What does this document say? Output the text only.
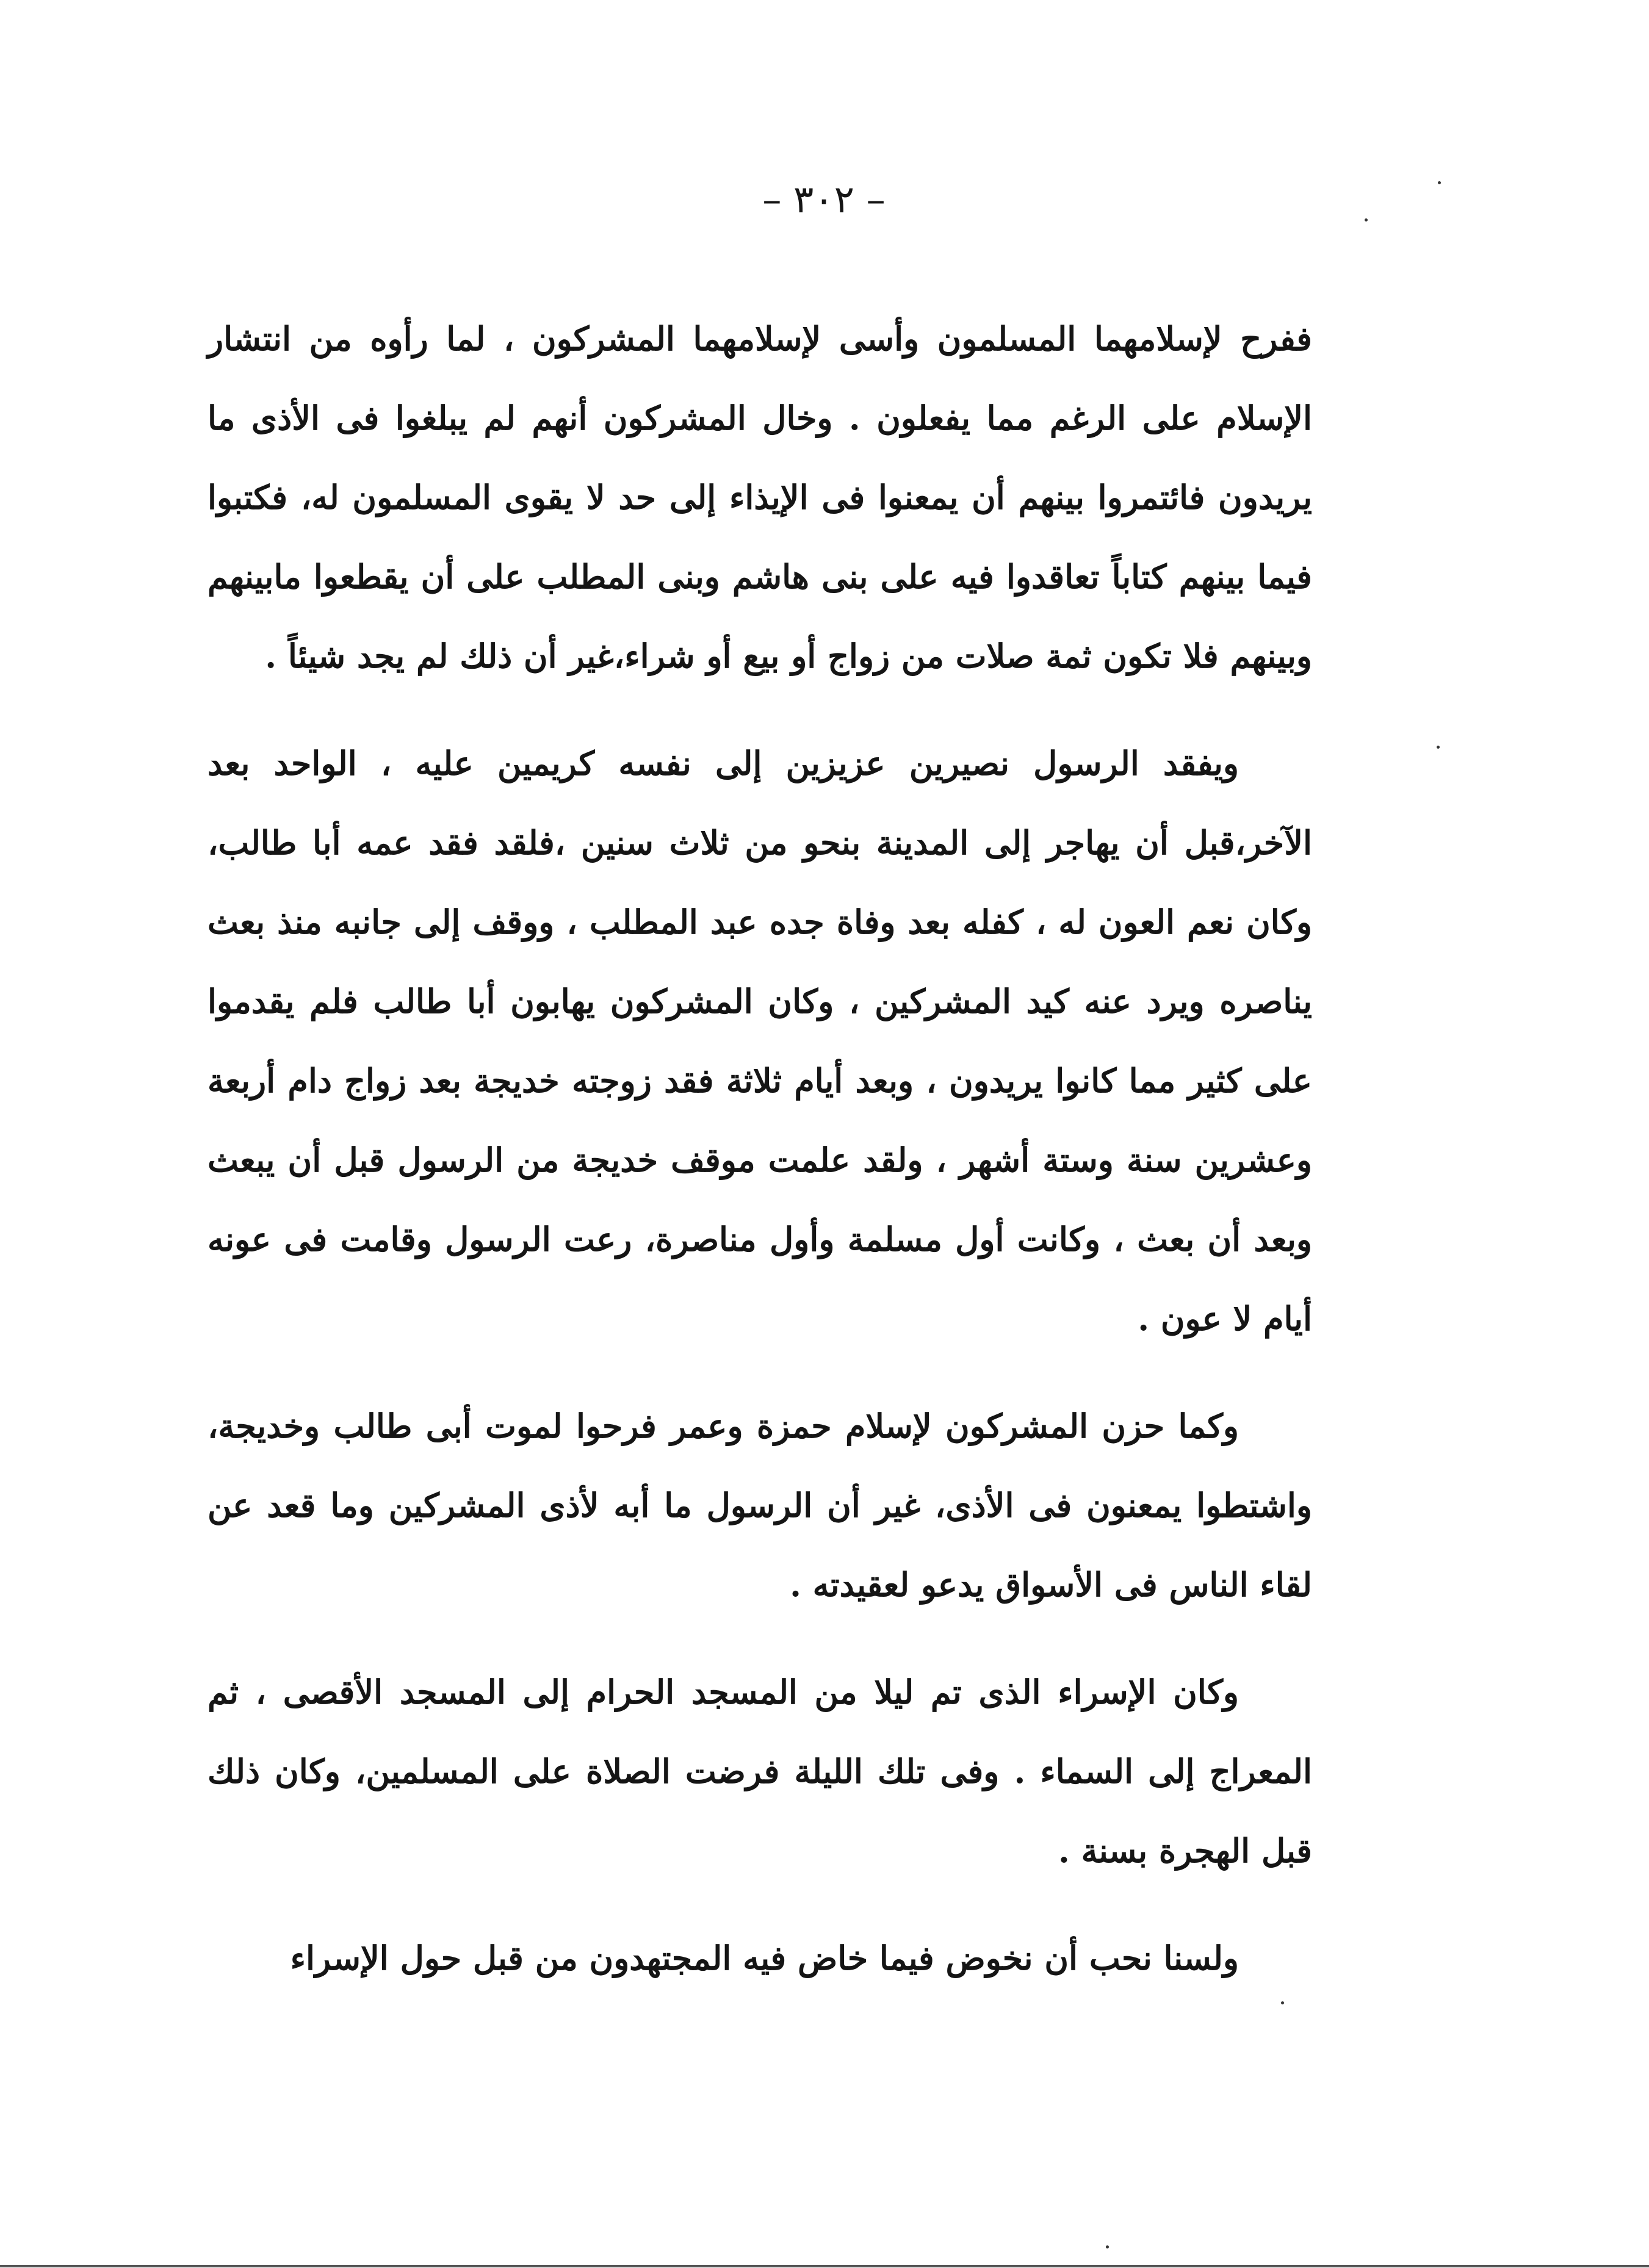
– ٣٠٢ –

ففرح لإسلامهما المسلمون وأسى لإسلامهما المشركون ، لما رأوه من انتشار الإسلام على الرغم مما يفعلون . وخال المشركون أنهم لم يبلغوا فى الأذى ما يريدون فائتمروا بينهم أن يمعنوا فى الإيذاء إلى حد لا يقوى المسلمون له، فكتبوا فيما بينهم كتاباً تعاقدوا فيه على بنى هاشم وبنى المطلب على أن يقطعوا مابينهم وبينهم فلا تكون ثمة صلات من زواج أو بيع أو شراء،غير أن ذلك لم يجد شيئاً .

ويفقد الرسول نصيرين عزيزين إلى نفسه كريمين عليه ، الواحد بعد الآخر،قبل أن يهاجر إلى المدينة بنحو من ثلاث سنين ،فلقد فقد عمه أبا طالب، وكان نعم العون له ، كفله بعد وفاة جده عبد المطلب ، ووقف إلى جانبه منذ بعث يناصره ويرد عنه كيد المشركين ، وكان المشركون يهابون أبا طالب فلم يقدموا على كثير مما كانوا يريدون ، وبعد أيام ثلاثة فقد زوجته خديجة بعد زواج دام أربعة وعشرين سنة وستة أشهر ، ولقد علمت موقف خديجة من الرسول قبل أن يبعث وبعد أن بعث ، وكانت أول مسلمة وأول مناصرة، رعت الرسول وقامت فى عونه أيام لا عون .

وكما حزن المشركون لإسلام حمزة وعمر فرحوا لموت أبى طالب وخديجة، واشتطوا يمعنون فى الأذى، غير أن الرسول ما أبه لأذى المشركين وما قعد عن لقاء الناس فى الأسواق يدعو لعقيدته .

وكان الإسراء الذى تم ليلا من المسجد الحرام إلى المسجد الأقصى ، ثم المعراج إلى السماء . وفى تلك الليلة فرضت الصلاة على المسلمين، وكان ذلك قبل الهجرة بسنة .

ولسنا نحب أن نخوض فيما خاض فيه المجتهدون من قبل حول الإسراء
